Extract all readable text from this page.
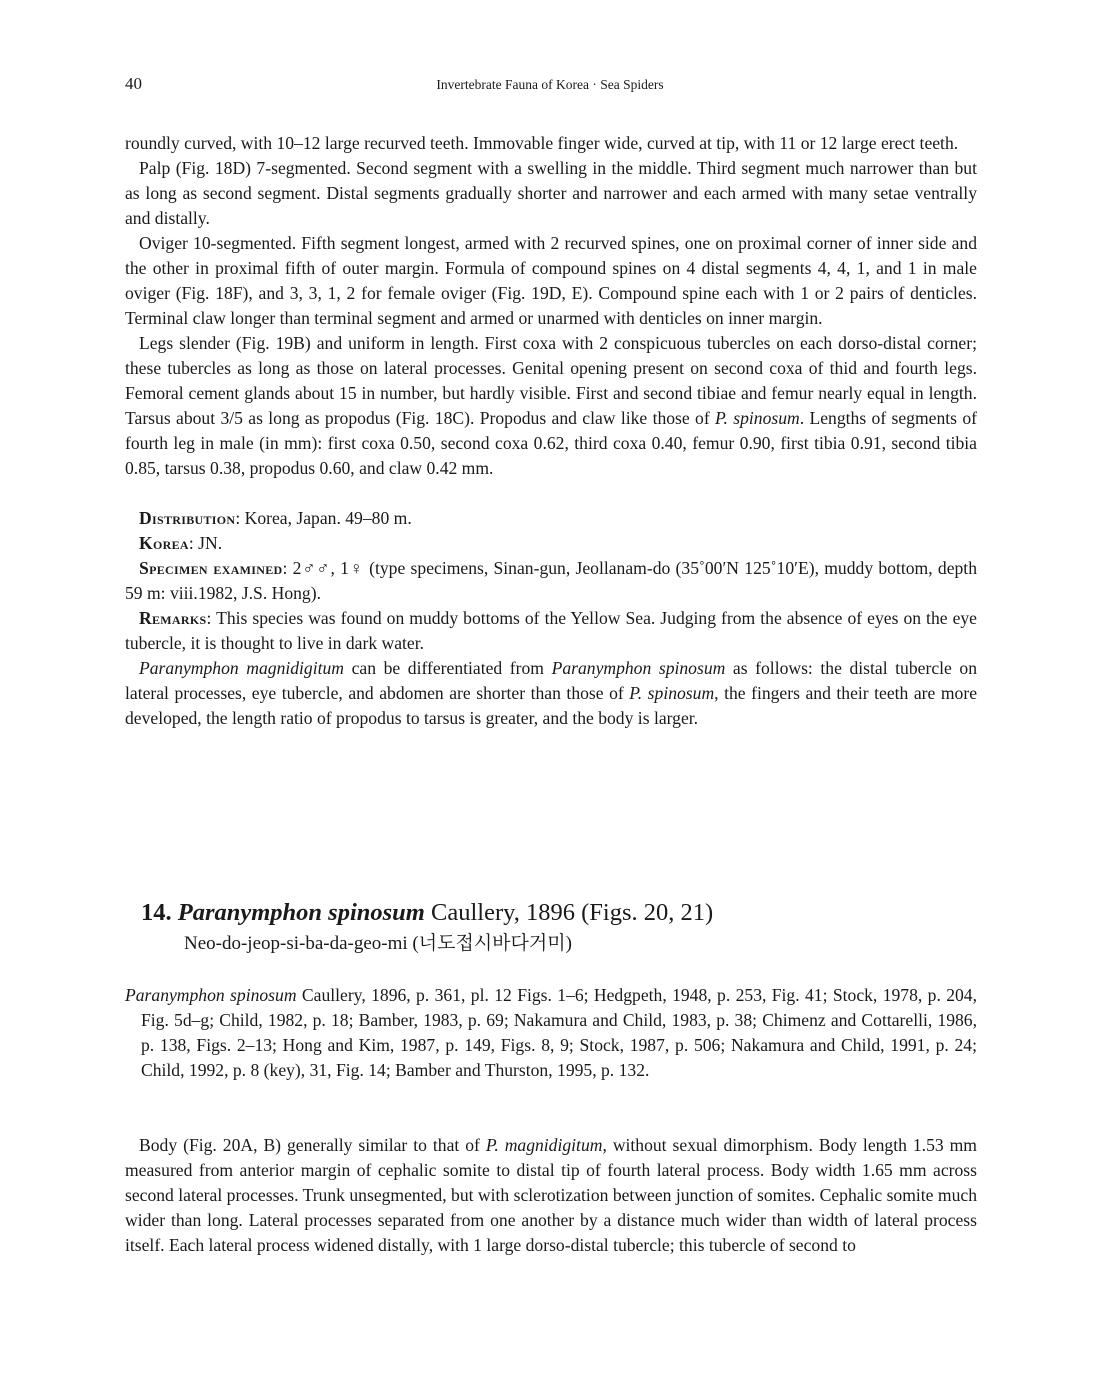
40	Invertebrate Fauna of Korea · Sea Spiders

roundly curved, with 10–12 large recurved teeth. Immovable finger wide, curved at tip, with 11 or 12 large erect teeth.

Palp (Fig. 18D) 7-segmented. Second segment with a swelling in the middle. Third segment much narrower than but as long as second segment. Distal segments gradually shorter and narrower and each armed with many setae ventrally and distally.

Oviger 10-segmented. Fifth segment longest, armed with 2 recurved spines, one on proximal corner of inner side and the other in proximal fifth of outer margin. Formula of compound spines on 4 distal segments 4, 4, 1, and 1 in male oviger (Fig. 18F), and 3, 3, 1, 2 for female oviger (Fig. 19D, E). Compound spine each with 1 or 2 pairs of denticles. Terminal claw longer than terminal segment and armed or unarmed with denticles on inner margin.

Legs slender (Fig. 19B) and uniform in length. First coxa with 2 conspicuous tubercles on each dorso-distal corner; these tubercles as long as those on lateral processes. Genital opening present on second coxa of thid and fourth legs. Femoral cement glands about 15 in number, but hardly visible. First and second tibiae and femur nearly equal in length. Tarsus about 3/5 as long as propodus (Fig. 18C). Propodus and claw like those of P. spinosum. Lengths of segments of fourth leg in male (in mm): first coxa 0.50, second coxa 0.62, third coxa 0.40, femur 0.90, first tibia 0.91, second tibia 0.85, tarsus 0.38, propodus 0.60, and claw 0.42 mm.

Distribution: Korea, Japan. 49–80 m.

Korea: JN.

Specimen examined: 2♂♂, 1♀ (type specimens, Sinan-gun, Jeollanam-do (35˚00′N 125˚10′E), muddy bottom, depth 59 m: viii.1982, J.S. Hong).

Remarks: This species was found on muddy bottoms of the Yellow Sea. Judging from the absence of eyes on the eye tubercle, it is thought to live in dark water.

Paranymphon magnidigitum can be differentiated from Paranymphon spinosum as follows: the distal tubercle on lateral processes, eye tubercle, and abdomen are shorter than those of P. spinosum, the fingers and their teeth are more developed, the length ratio of propodus to tarsus is greater, and the body is larger.

14. Paranymphon spinosum Caullery, 1896 (Figs. 20, 21)
Neo-do-jeop-si-ba-da-geo-mi (너도접시바다거미)

Paranymphon spinosum Caullery, 1896, p. 361, pl. 12 Figs. 1–6; Hedgpeth, 1948, p. 253, Fig. 41; Stock, 1978, p. 204, Fig. 5d–g; Child, 1982, p. 18; Bamber, 1983, p. 69; Nakamura and Child, 1983, p. 38; Chimenz and Cottarelli, 1986, p. 138, Figs. 2–13; Hong and Kim, 1987, p. 149, Figs. 8, 9; Stock, 1987, p. 506; Nakamura and Child, 1991, p. 24; Child, 1992, p. 8 (key), 31, Fig. 14; Bamber and Thurston, 1995, p. 132.

Body (Fig. 20A, B) generally similar to that of P. magnidigitum, without sexual dimorphism. Body length 1.53 mm measured from anterior margin of cephalic somite to distal tip of fourth lateral process. Body width 1.65 mm across second lateral processes. Trunk unsegmented, but with sclerotization between junction of somites. Cephalic somite much wider than long. Lateral processes separated from one another by a distance much wider than width of lateral process itself. Each lateral process widened distally, with 1 large dorso-distal tubercle; this tubercle of second to
